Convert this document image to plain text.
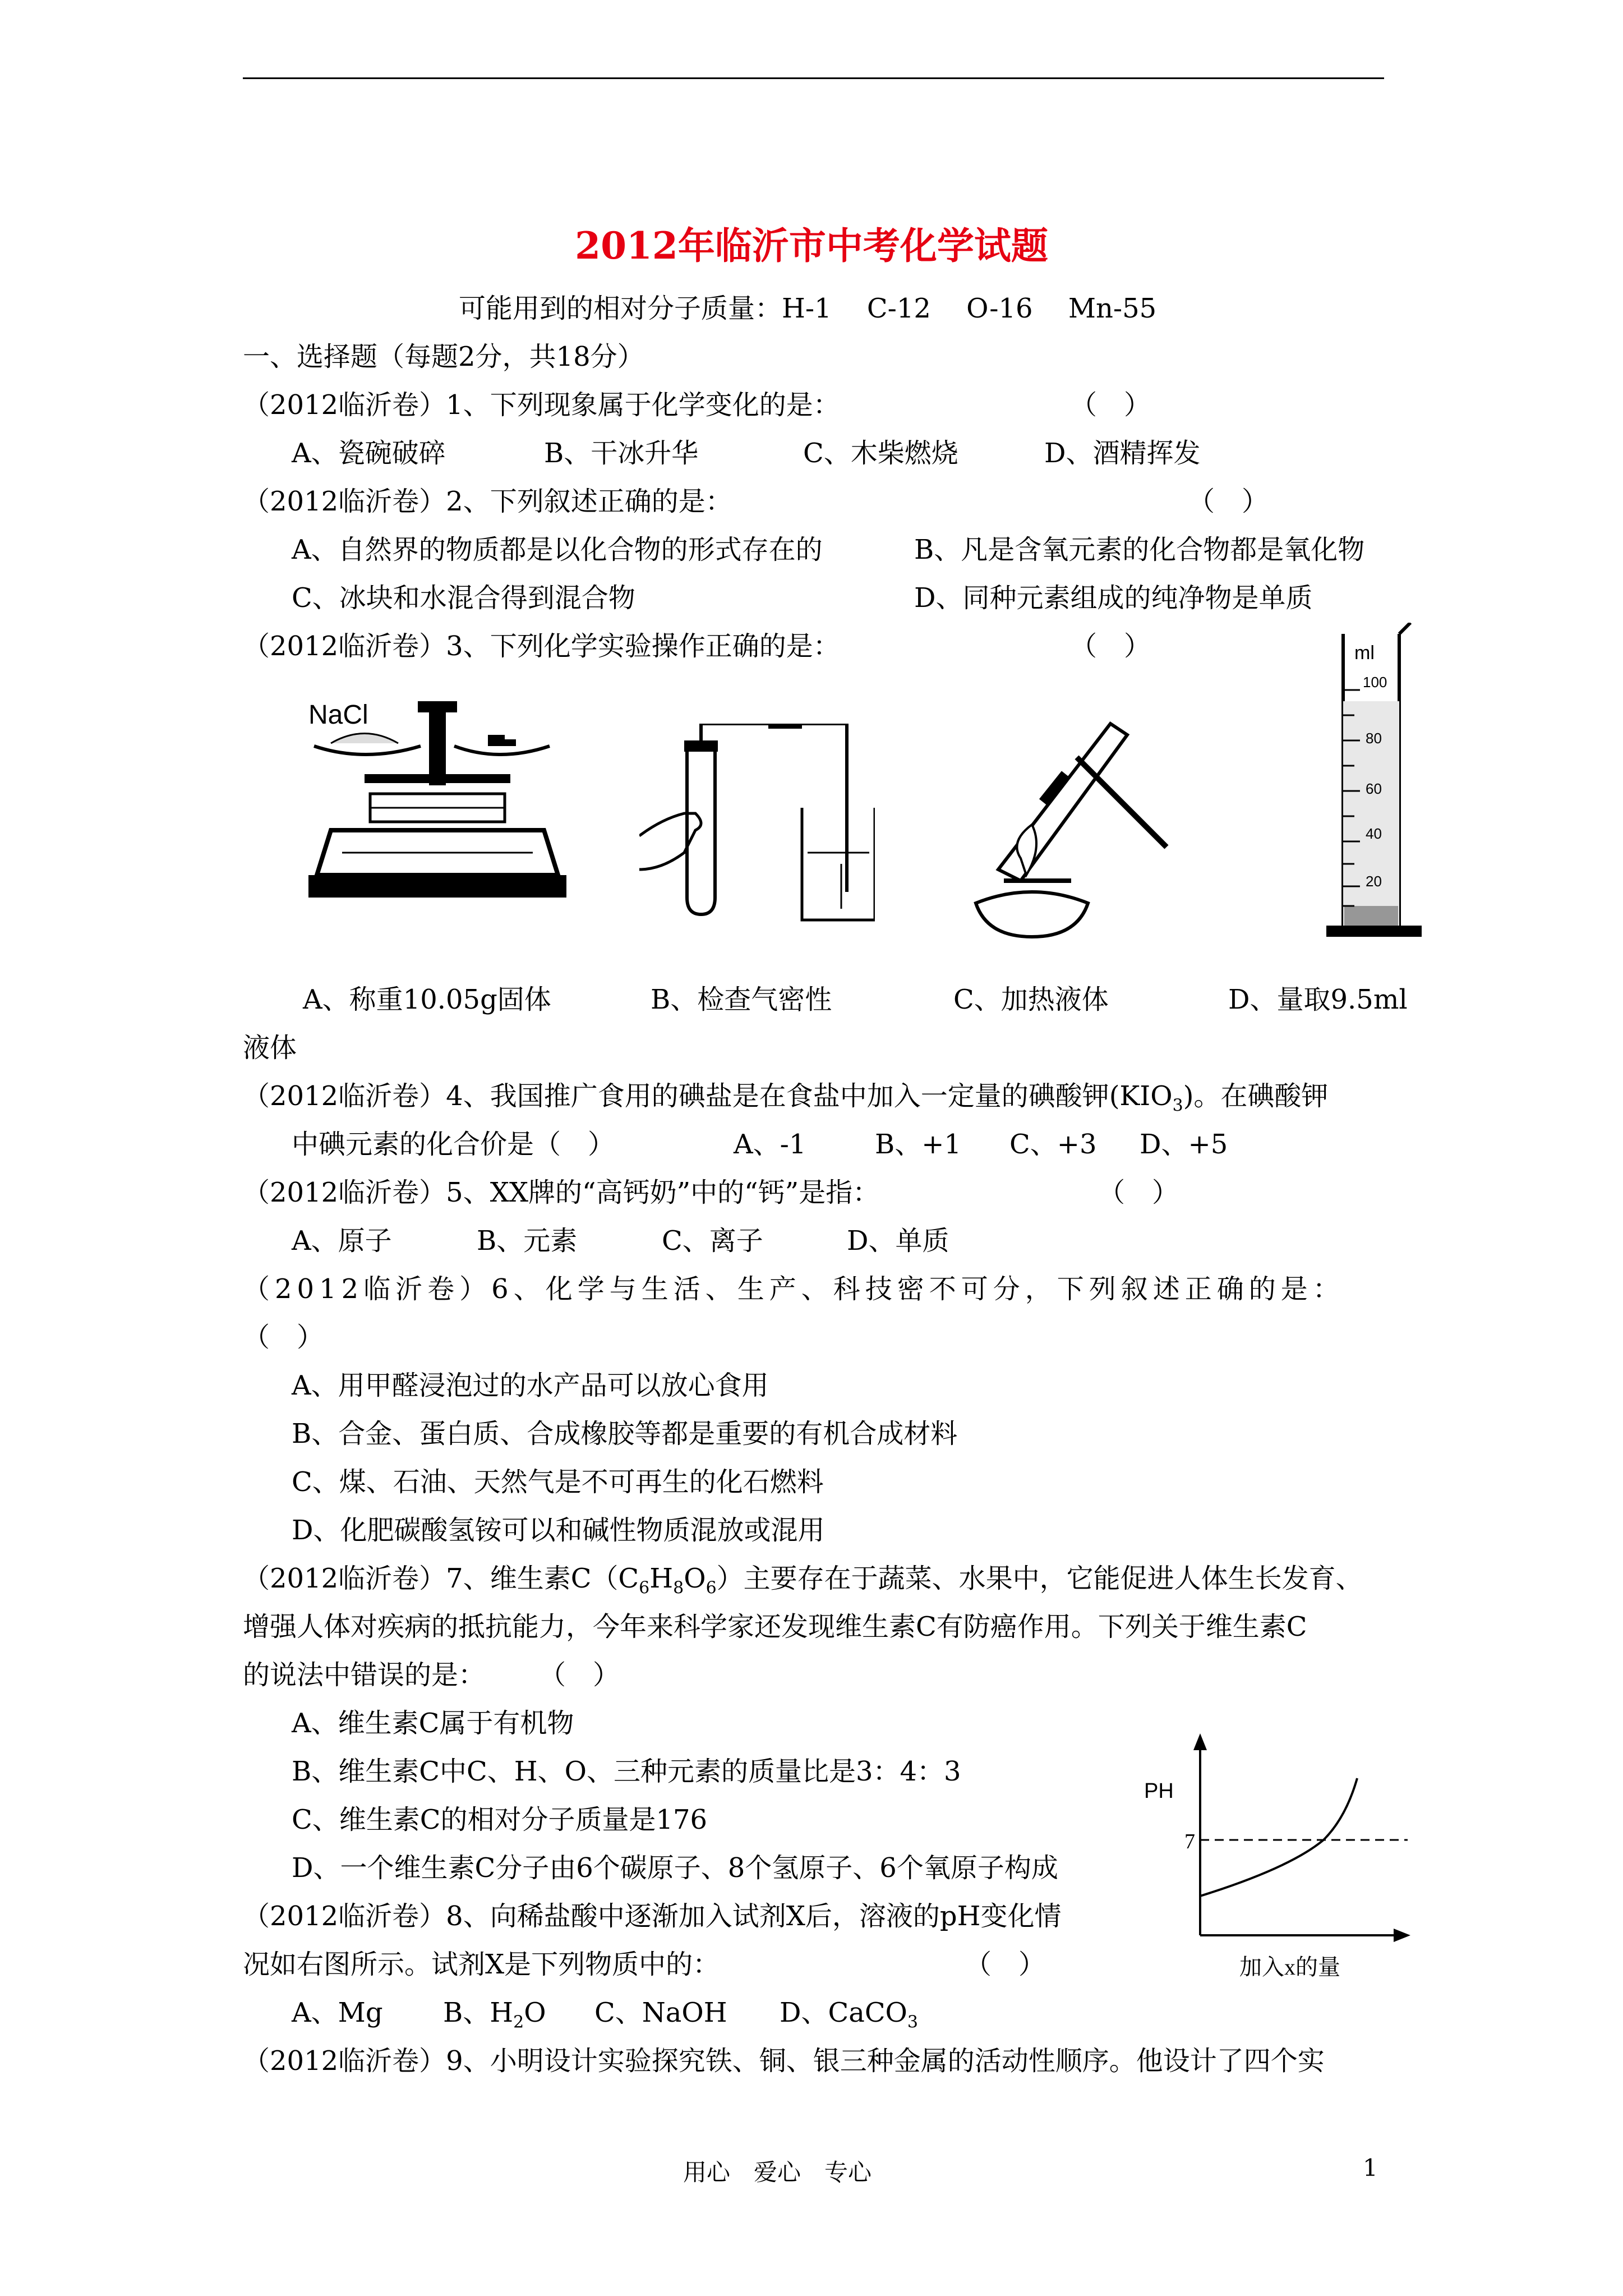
2012年临沂市中考化学试题
可能用到的相对分子质量：H-1　 C-12　 O-16　 Mn-55
一、选择题（每题2分，共18分）
（2012临沂卷）1、下列现象属于化学变化的是：	（　）
A、瓷碗破碎	B、干冰升华	C、木柴燃烧	D、酒精挥发
（2012临沂卷）2、下列叙述正确的是：	（　）
A、自然界的物质都是以化合物的形式存在的	B、凡是含氧元素的化合物都是氧化物
C、冰块和水混合得到混合物	D、同种元素组成的纯净物是单质
（2012临沂卷）3、下列化学实验操作正确的是：	（　）
NaCl
ml
100
80
60
40
20
A、称重10.05g固体	B、检查气密性	C、加热液体	D、量取9.5ml
液体
（2012临沂卷）4、我国推广食用的碘盐是在食盐中加入一定量的碘酸钾$(KIO_3)$。在碘酸钾
中碘元素的化合价是（　）	A、-1	B、+1 C、+3 D、+5
（2012临沂卷）5、XX牌的“高钙奶”中的“钙”是指：	（　）
A、原子	B、元素	C、离子	D、单质
（2012临沂卷）6、化学与生活、生产、科技密不可分，下列叙述正确的是：
（　）
A、用甲醛浸泡过的水产品可以放心食用
B、合金、蛋白质、合成橡胶等都是重要的有机合成材料
C、煤、石油、天然气是不可再生的化石燃料
D、化肥碳酸氢铵可以和碱性物质混放或混用
（2012临沂卷）7、维生素$C(C_6H_8O_6)$主要存在于蔬菜、水果中，它能促进人体生长发育、
增强人体对疾病的抵抗能力，今年来科学家还发现维生素C有防癌作用。下列关于维生素C
的说法中错误的是：　　　（　）
A、维生素C属于有机物
B、维生素C中C、H、O、三种元素的质量比是3：4：3
C、维生素C的相对分子质量是176
D、一个维生素C分子由6个碳原子、8个氢原子、6个氧原子构成
PH
7
加入x的量
（2012临沂卷）8、向稀盐酸中逐渐加入试剂X后，溶液的pH变化情
况如右图所示。试剂X是下列物质中的：	（　）
A、Mg B、$H_2O$ C、NaOH D、CaCO$_3$
（2012临沂卷）9、小明设计实验探究铁、铜、银三种金属的活动性顺序。他设计了四个实
用心　爱心　专心	1
